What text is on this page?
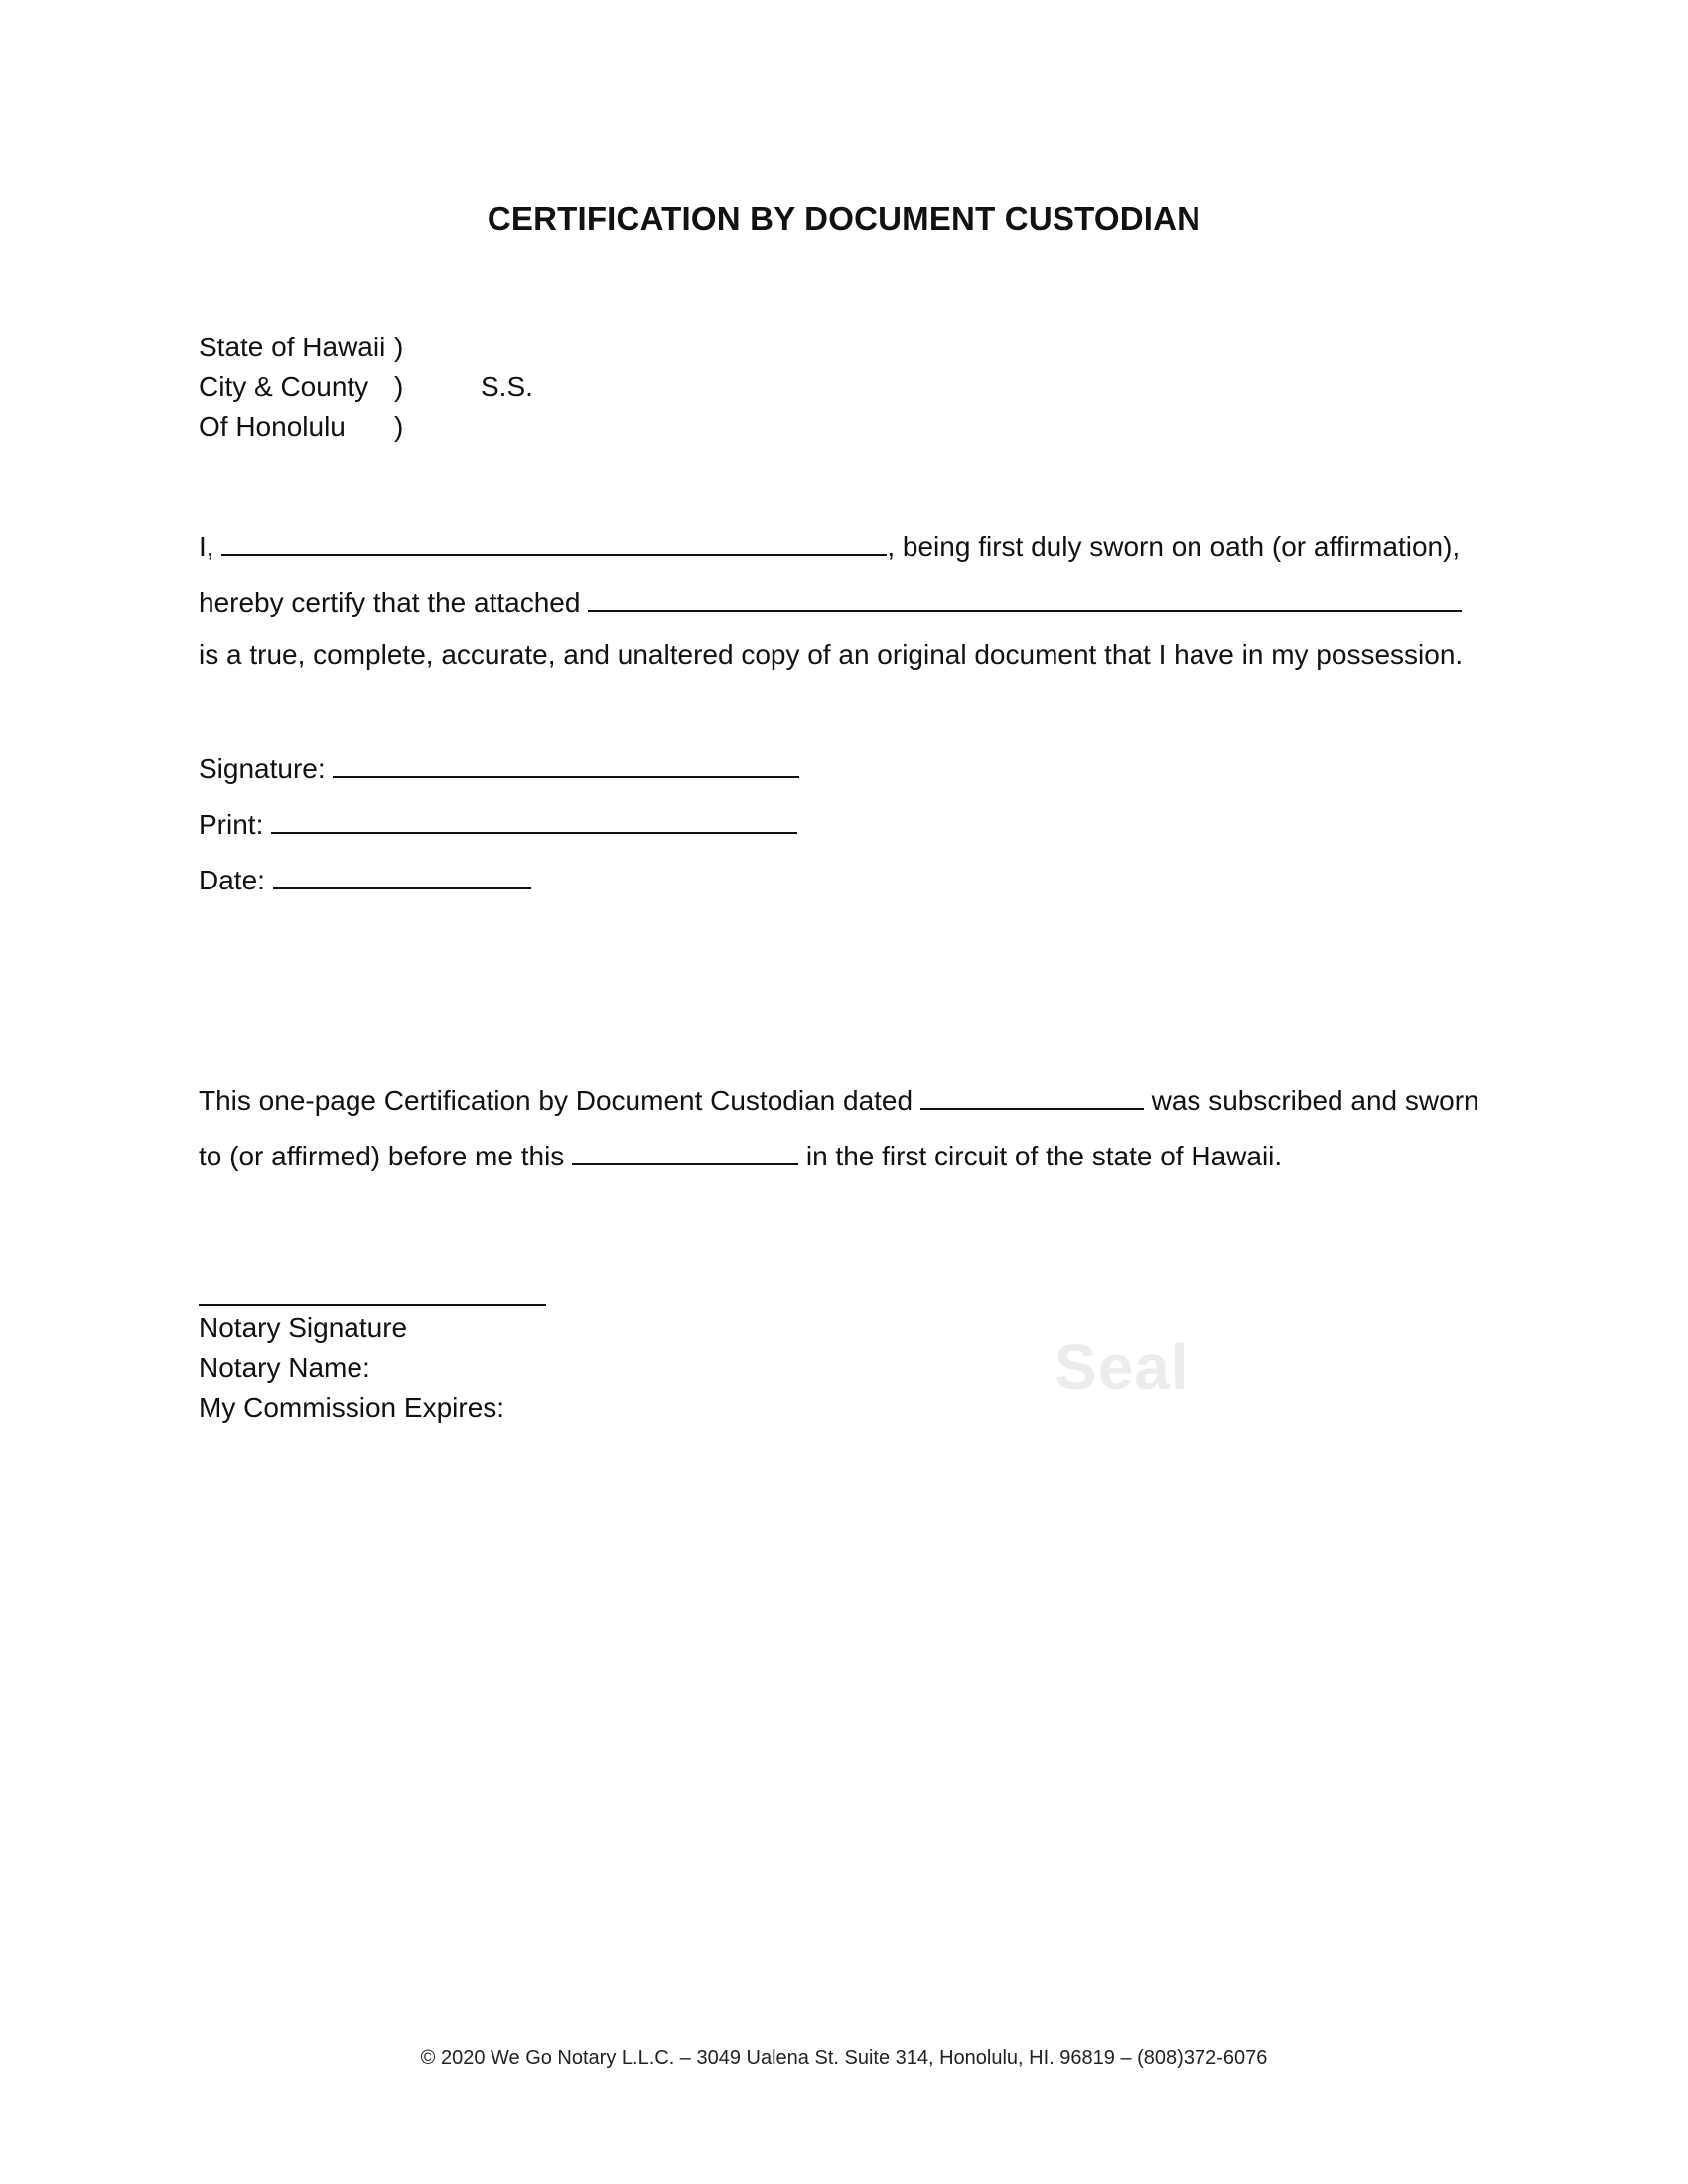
CERTIFICATION BY DOCUMENT CUSTODIAN
State of Hawaii )
City & County )	S.S.
Of Honolulu )
I,	, being first duly sworn on oath (or affirmation),
hereby certify that the attached
is a true, complete, accurate, and unaltered copy of an original document that I have in my possession.
Signature:
Print:
Date:
This one-page Certification by Document Custodian dated	was subscribed and sworn
to (or affirmed) before me this	in the first circuit of the state of Hawaii.
Notary Signature
Notary Name:
My Commission Expires:
Seal
© 2020 We Go Notary L.L.C. – 3049 Ualena St. Suite 314, Honolulu, HI. 96819 – (808)372-6076
